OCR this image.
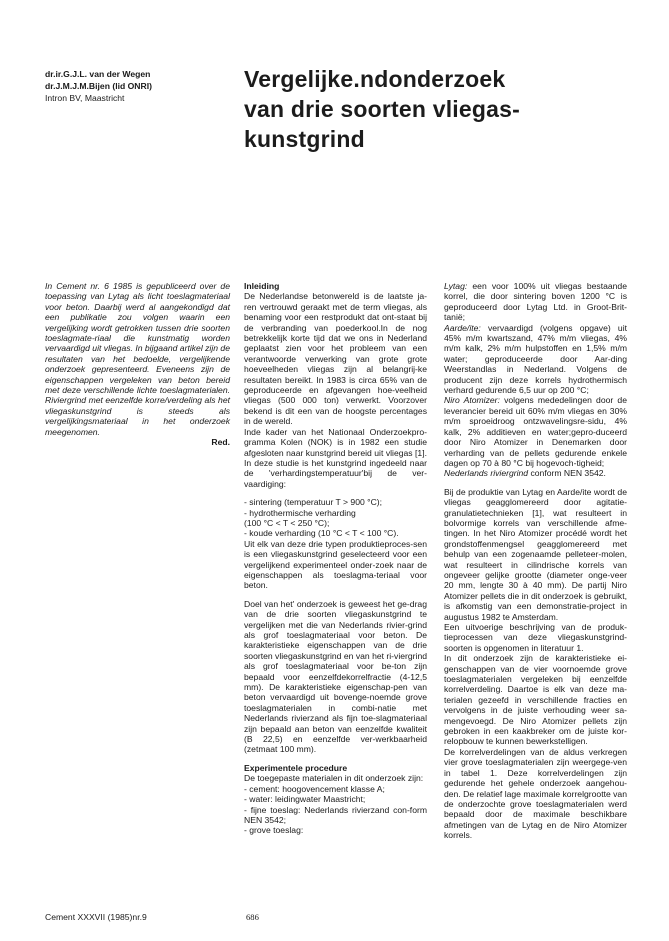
dr.ir.G.J.L. van der Wegen
dr.J.M.J.M.Bijen (lid ONRI)
Intron BV, Maastricht
Vergelijke.ndonderzoek
van drie soorten vliegas-
kunstgrind

In Cement nr. 6 1985 is gepubliceerd over de toepassing van Lytag als licht toeslagmateriaal voor beton. Daarbij werd al aangekondigd dat een publikatie zou volgen waarin een vergelijking wordt getrokken tussen drie soorten toeslagmate-riaal die kunstmatig worden vervaardigd uit vliegas. In bijgaand artikel zijn de resultaten van het bedoelde, vergelijkende onderzoek gepresenteerd. Eveneens zijn de eigenschappen vergeleken van beton bereid met deze verschillende lichte toeslagmaterialen. Riviergrind met eenzelfde korre/verdeling als het vliegaskunstgrind is steeds als vergelijkingsmateriaal in het onderzoek meegenomen.

Red.

Inleiding

De Nederlandse betonwereld is de laatste ja-ren vertrouwd geraakt met de term vliegas, als benaming voor een restprodukt dat ont-staat bij de verbranding van poederkool.In de nog betrekkelijk korte tijd dat we ons in Nederland geplaatst zien voor het probleem van een verantwoorde verwerking van grote grote hoeveelheden vliegas zijn al belangrij-ke resultaten bereikt. In 1983 is circa 65% van de geproduceerde en afgevangen hoe-veelheid vliegas (500 000 ton) verwerkt. Voorzover bekend is dit een van de hoogste percentages in de wereld.

Inde kader van het Nationaal Onderzoekpro-gramma Kolen (NOK) is in 1982 een studie afgesloten naar kunstgrind bereid uit vliegas [1]. In deze studie is het kunstgrind ingedeeld naar de 'verhardingstemperatuur'bij de ver-vaardiging:

- sintering (temperatuur T > 900 °C);

- hydrothermische verharding

(100 °C < T < 250 °C);

- koude verharding (10 °C < T < 100 °C).

Uit elk van deze drie typen produktieproces-sen is een vliegaskunstgrind geselecteerd voor een vergelijkend experimenteel onder-zoek naar de eigenschappen als toeslagma-teriaal voor beton.

Doel van het' onderzoek is geweest het ge-drag van de drie soorten vliegaskunstgrind te vergelijken met die van Nederlands rivier-grind als grof toeslagmateriaal voor beton. De karakteristieke eigenschappen van de drie soorten vliegaskunstgrind en van het ri-viergrind als grof toeslagmateriaal voor be-ton zijn bepaald voor eenzelfdekorrelfractie (4-12,5 mm). De karakteristieke eigenschap-pen van beton vervaardigd uit bovenge-noemde grove toeslagmaterialen in combi-natie met Nederlands rivierzand als fijn toe-slagmateriaal zijn bepaald aan beton van eenzelfde kwaliteit (B 22,5) en eenzelfde ver-werkbaarheid (zetmaat 100 mm).

Experimentele procedure

De toegepaste materialen in dit onderzoek zijn:

- cement: hoogovencement klasse A;

- water: leidingwater Maastricht;

- fijne toeslag: Nederlands rivierzand con-form NEN 3542;

- grove toeslag:

Lytag: een voor 100% uit vliegas bestaande korrel, die door sintering boven 1200 °C is geproduceerd door Lytag Ltd. in Groot-Brit-tanië;

Aarde/ite: vervaardigd (volgens opgave) uit 45% m/m kwartszand, 47% m/m vliegas, 4% m/m kalk, 2% m/m hulpstoffen en 1,5% m/m water; geproduceerde door Aar-ding Weerstandlas in Nederland. Volgens de producent zijn deze korrels hydrothermisch verhard gedurende 6,5 uur op 200 °C;

Niro Atomizer: volgens mededelingen door de leverancier bereid uit 60% m/m vliegas en 30% m/m sproeidroog ontzwavelingsre-sidu, 4% kalk, 2% additieven en water;gepro-duceerd door Niro Atomizer in Denemarken door verharding van de pellets gedurende enkele dagen op 70 à 80 °C bij hogevoch-tigheid;

Nederlands riviergrind conform NEN 3542.

Bij de produktie van Lytag en Aarde/ite wordt de vliegas geagglomereerd door agitatie-granulatietechnieken [1], wat resulteert in bolvormige korrels van verschillende afme-tingen. In het Niro Atomizer procédé wordt het grondstoffenmengsel geagglomereerd met behulp van een zogenaamde pelleteer-molen, wat resulteert in cilindrische korrels van ongeveer gelijke grootte (diameter onge-veer 20 mm, lengte 30 à 40 mm). De partij Niro Atomizer pellets die in dit onderzoek is gebruikt, is afkomstig van een demonstratie-project in augustus 1982 te Amsterdam.

Een uitvoerige beschrijving van de produk-tieprocessen van deze vliegaskunstgrind-soorten is opgenomen in literatuur 1.

In dit onderzoek zijn de karakteristieke ei-genschappen van de vier voornoemde grove toeslagmaterialen vergeleken bij eenzelfde korrelverdeling. Daartoe is elk van deze ma-terialen gezeefd in verschillende fracties en vervolgens in de juiste verhouding weer sa-mengevoegd. De Niro Atomizer pellets zijn gebroken in een kaakbreker om de juiste kor-relopbouw te kunnen bewerkstelligen.

De korrelverdelingen van de aldus verkregen vier grove toeslagmaterialen zijn weergege-ven in tabel 1. Deze korrelverdelingen zijn gedurende het gehele onderzoek aangehou-den. De relatief lage maximale korrelgrootte van de onderzochte grove toeslagmaterialen werd bepaald door de maximale beschikbare afmetingen van de Lytag en de Niro Atomizer korrels.

Cement XXXVII (1985)nr.9	686
